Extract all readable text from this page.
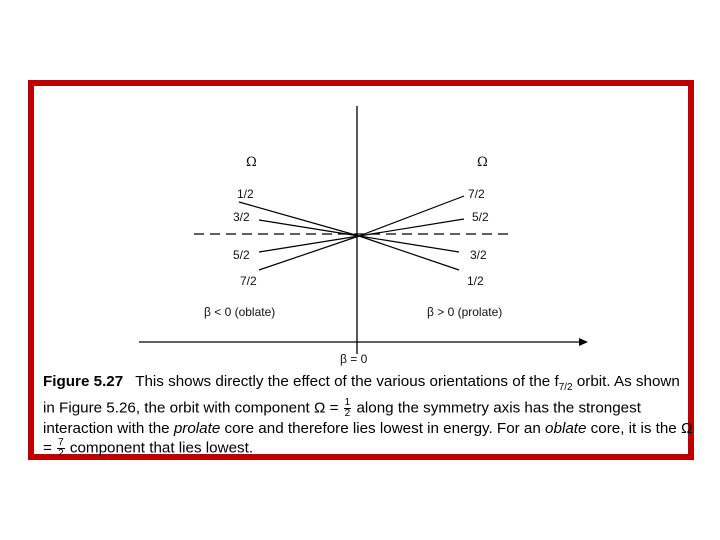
Ω	Ω
1/2
3/2
5/2
7/2
7/2
5/2
3/2
1/2
β < 0 (oblate)	β > 0 (prolate)
β = 0
Figure 5.27 This shows directly the effect of the various orientations of the $f_{7/2}$ orbit. As shown in Figure 5.26, the orbit with component $\Omega = \frac{1}{2}$ along the symmetry axis has the strongest interaction with the prolate core and therefore lies lowest in energy. For an oblate core, it is the $\Omega = \frac{7}{2}$ component that lies lowest.
